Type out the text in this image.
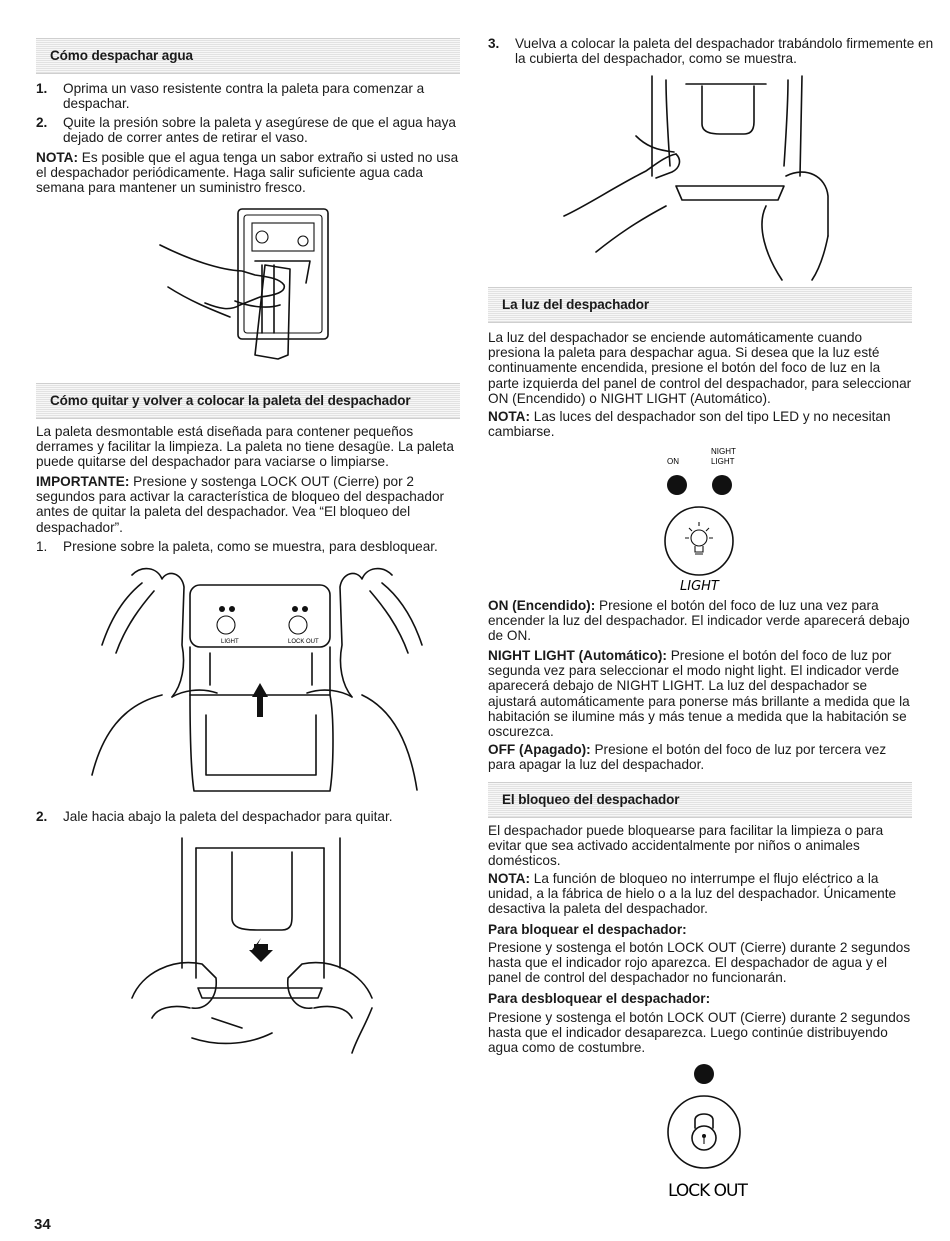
Cómo despachar agua
1. Oprima un vaso resistente contra la paleta para comenzar a despachar.
2. Quite la presión sobre la paleta y asegúrese de que el agua haya dejado de correr antes de retirar el vaso.

NOTA: Es posible que el agua tenga un sabor extraño si usted no usa el despachador periódicamente. Haga salir suficiente agua cada semana para mantener un suministro fresco.

Cómo quitar y volver a colocar la paleta del despachador

La paleta desmontable está diseñada para contener pequeños derrames y facilitar la limpieza. La paleta no tiene desagüe. La paleta puede quitarse del despachador para vaciarse o limpiarse.

IMPORTANTE: Presione y sostenga LOCK OUT (Cierre) por 2 segundos para activar la característica de bloqueo del despachador antes de quitar la paleta del despachador. Vea “El bloqueo del despachador”.

1. Presione sobre la paleta, como se muestra, para desbloquear.
LIGHT	LOCK OUT
2. Jale hacia abajo la paleta del despachador para quitar.
3. Vuelva a colocar la paleta del despachador trabándolo firmemente en la cubierta del despachador, como se muestra.
La luz del despachador

La luz del despachador se enciende automáticamente cuando presiona la paleta para despachar agua. Si desea que la luz esté continuamente encendida, presione el botón del foco de luz en la parte izquierda del panel de control del despachador, para seleccionar ON (Encendido) o NIGHT LIGHT (Automático).

NOTA: Las luces del despachador son del tipo LED y no necesitan cambiarse.

ON
NIGHT
LIGHT
LIGHT

ON (Encendido): Presione el botón del foco de luz una vez para encender la luz del despachador. El indicador verde aparecerá debajo de ON.

NIGHT LIGHT (Automático): Presione el botón del foco de luz por segunda vez para seleccionar el modo night light. El indicador verde aparecerá debajo de NIGHT LIGHT. La luz del despachador se ajustará automáticamente para ponerse más brillante a medida que la habitación se ilumine más y más tenue a medida que la habitación se oscurezca.

OFF (Apagado): Presione el botón del foco de luz por tercera vez para apagar la luz del despachador.

El bloqueo del despachador

El despachador puede bloquearse para facilitar la limpieza o para evitar que sea activado accidentalmente por niños o animales domésticos.

NOTA: La función de bloqueo no interrumpe el flujo eléctrico a la unidad, a la fábrica de hielo o a la luz del despachador. Únicamente desactiva la paleta del despachador.

Para bloquear el despachador:

Presione y sostenga el botón LOCK OUT (Cierre) durante 2 segundos hasta que el indicador rojo aparezca. El despachador de agua y el panel de control del despachador no funcionarán.

Para desbloquear el despachador:

Presione y sostenga el botón LOCK OUT (Cierre) durante 2 segundos hasta que el indicador desaparezca. Luego continúe distribuyendo agua como de costumbre.

LOCK OUT
34
